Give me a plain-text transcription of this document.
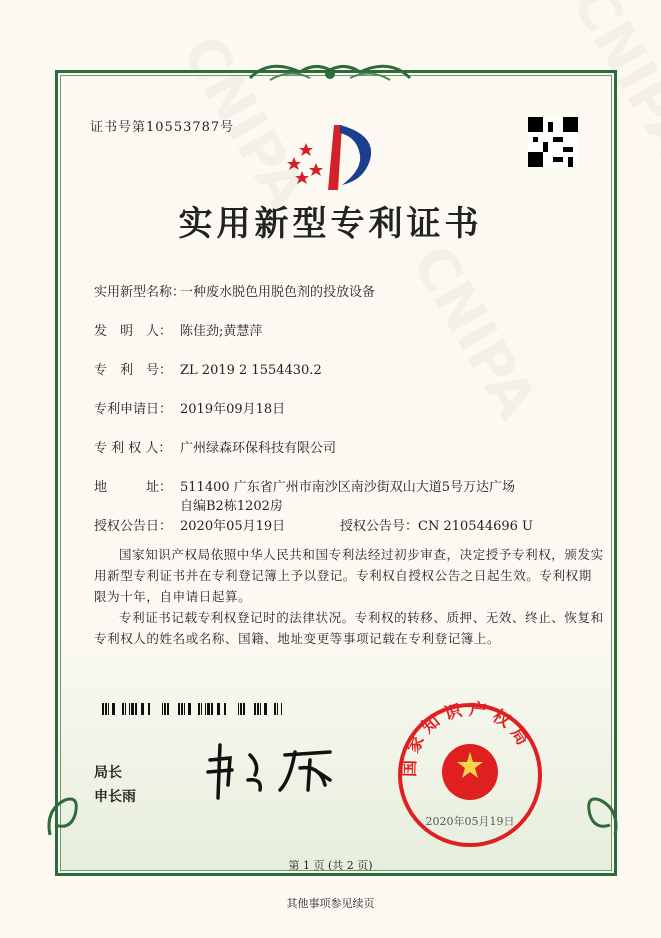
证书号第10553787号
实用新型专利证书
实用新型名称：一种废水脱色用脱色剂的投放设备
发　明　人： 陈佳劲;黄慧萍
专　利　号： ZL 2019 2 1554430.2
专利申请日： 2019年09月18日
专 利 权 人： 广州绿森环保科技有限公司
地　　　址： 511400 广东省广州市南沙区南沙街双山大道5号万达广场
自编B2栋1202房
授权公告日： 2020年05月19日	授权公告号：CN 210544696 U

国家知识产权局依照中华人民共和国专利法经过初步审查，决定授予专利权，颁发实用新型专利证书并在专利登记簿上予以登记。专利权自授权公告之日起生效。专利权期限为十年，自申请日起算。

专利证书记载专利权登记时的法律状况。专利权的转移、质押、无效、终止、恢复和专利权人的姓名或名称、国籍、地址变更等事项记载在专利登记簿上。

局长
申长雨
国 家 知 识 产 权 局
2020年05月19日
第 1 页 (共 2 页)
其他事项参见续页
